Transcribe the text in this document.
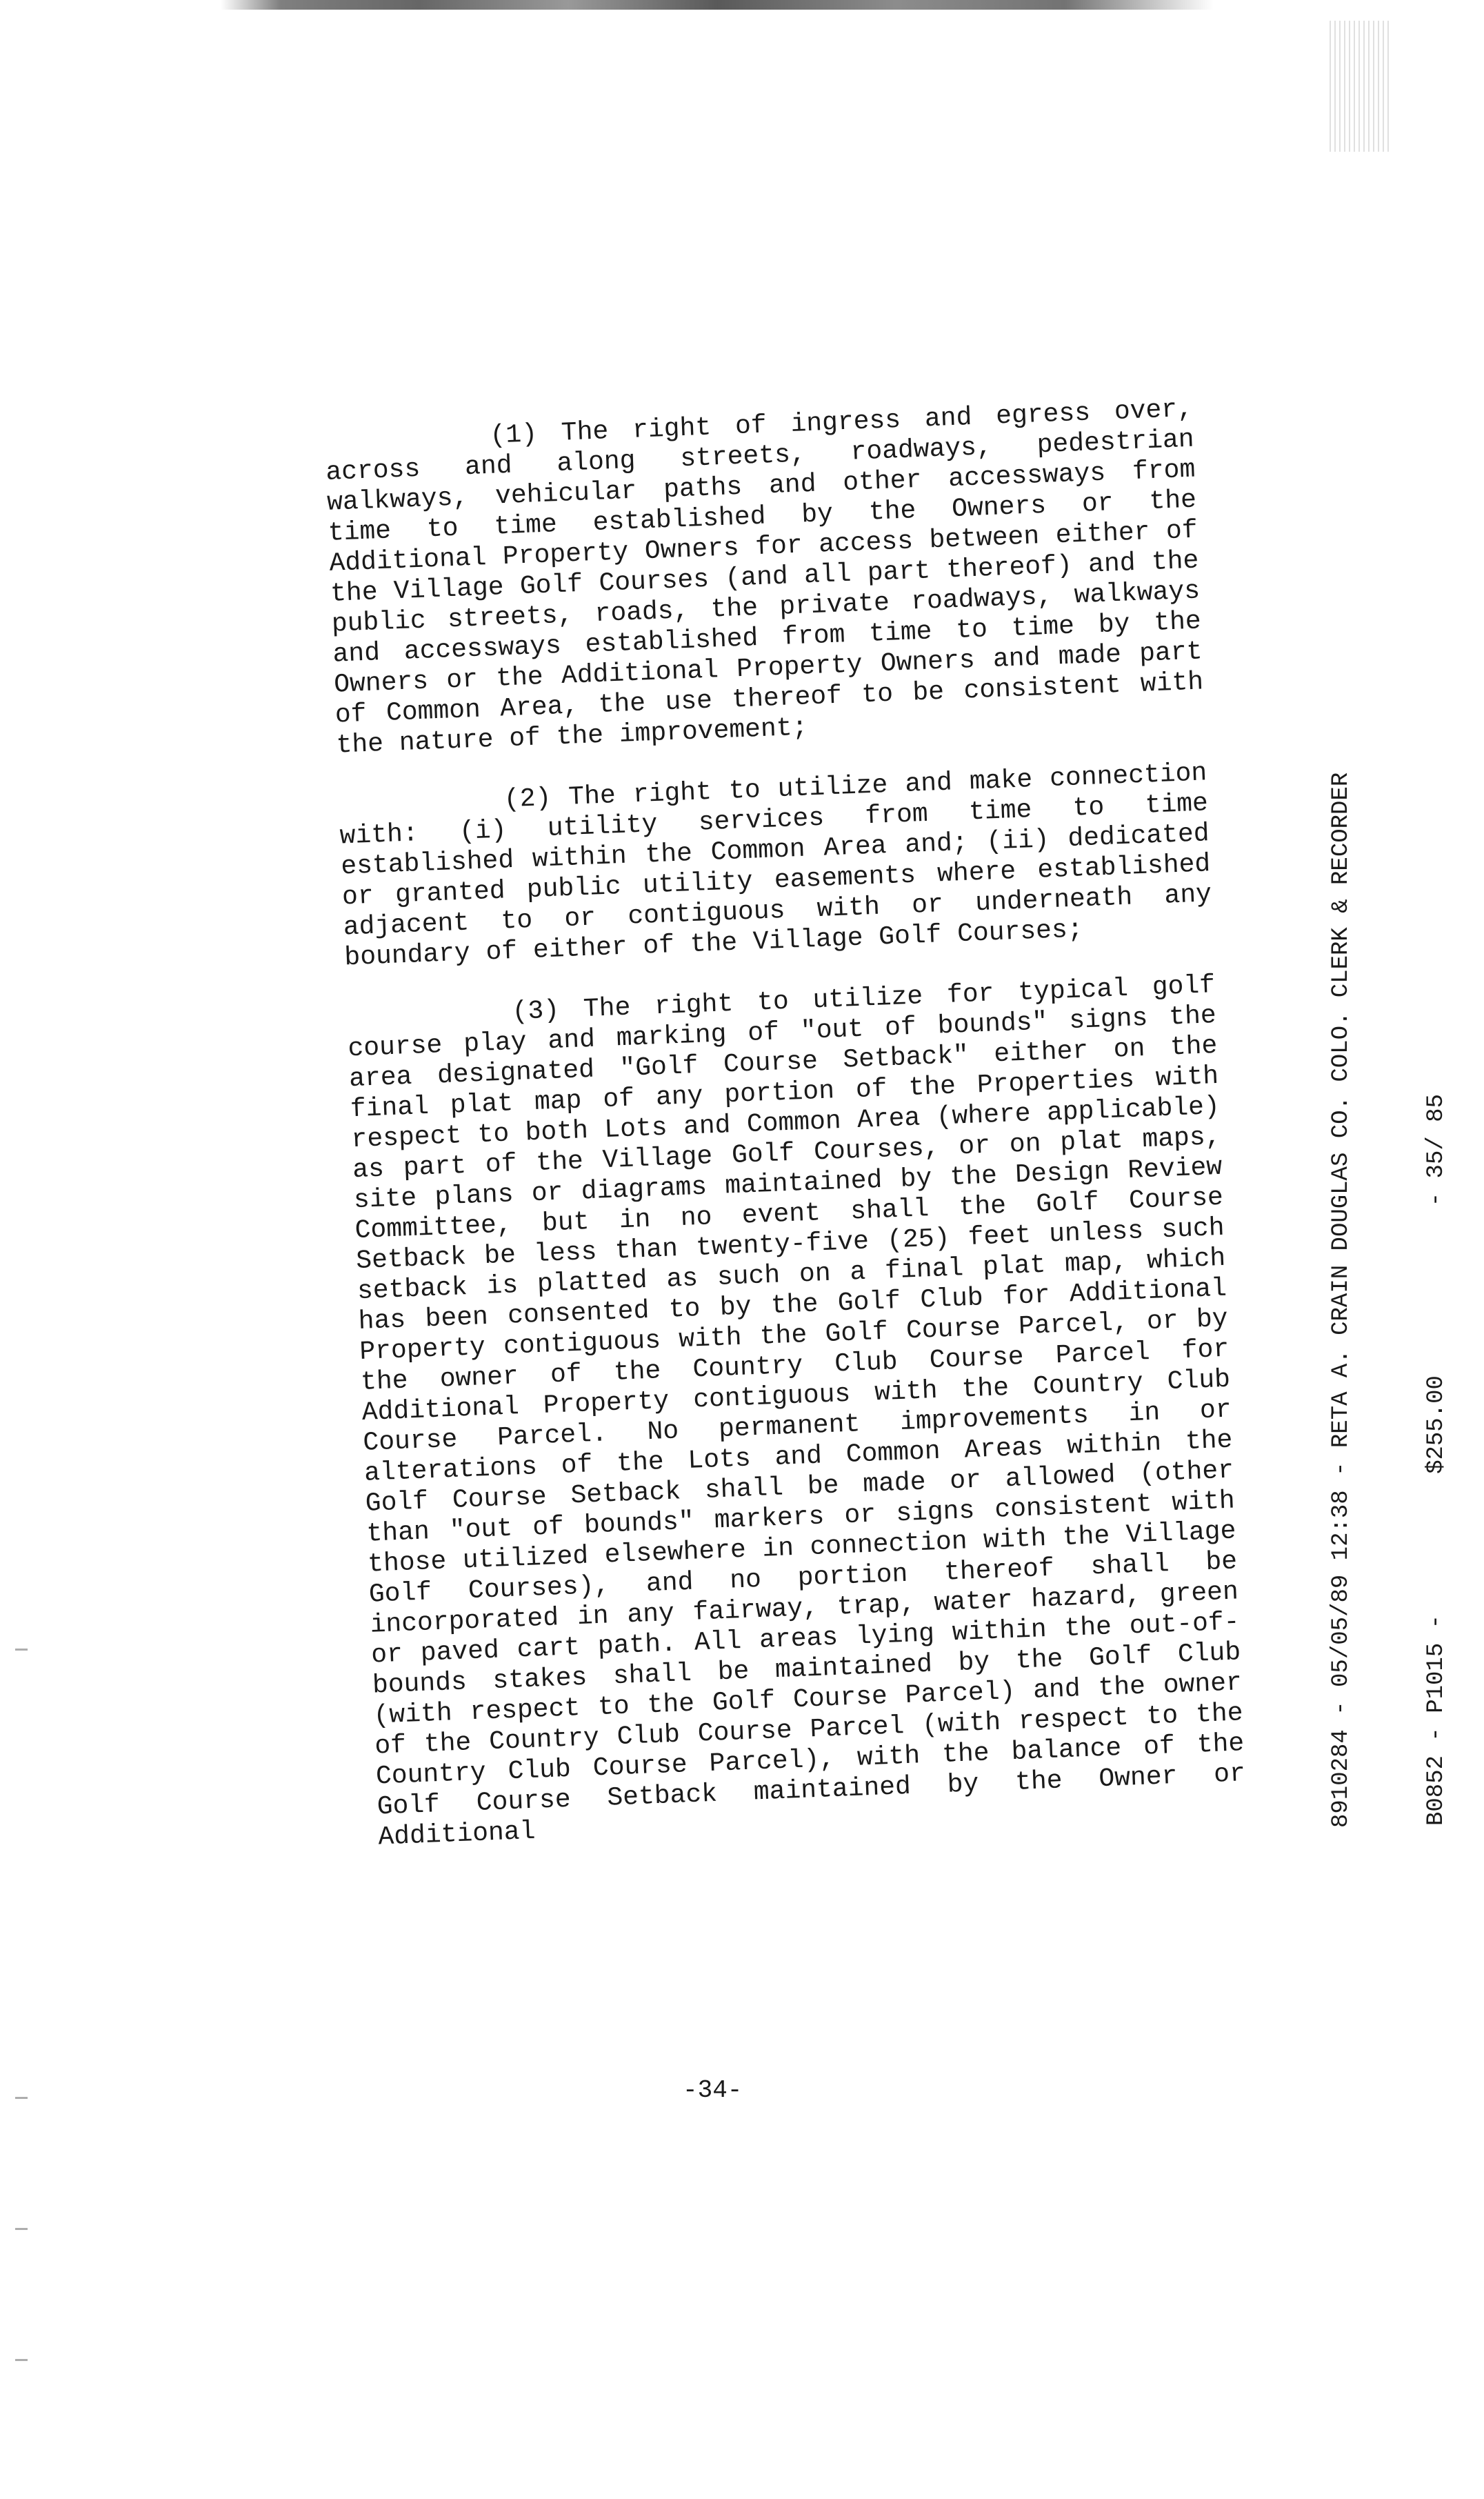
(1) The right of ingress and egress over, across and along streets, roadways, pedestrian walkways, vehicular paths and other accessways from time to time established by the Owners or the Additional Property Owners for access between either of the Village Golf Courses (and all part thereof) and the public streets, roads, the private roadways, walkways and accessways established from time to time by the Owners or the Additional Property Owners and made part of Common Area, the use thereof to be consistent with the nature of the improvement;

(2) The right to utilize and make connection with: (i) utility services from time to time established within the Common Area and; (ii) dedicated or granted public utility easements where established adjacent to or contiguous with or underneath any boundary of either of the Village Golf Courses;

(3) The right to utilize for typical golf course play and marking of "out of bounds" signs the area designated "Golf Course Setback" either on the final plat map of any portion of the Properties with respect to both Lots and Common Area (where applicable) as part of the Village Golf Courses, or on plat maps, site plans or diagrams maintained by the Design Review Committee, but in no event shall the Golf Course Setback be less than twenty-five (25) feet unless such setback is platted as such on a final plat map, which has been consented to by the Golf Club for Additional Property contiguous with the Golf Course Parcel, or by the owner of the Country Club Course Parcel for Additional Property contiguous with the Country Club Course Parcel. No permanent improvements in or alterations of the Lots and Common Areas within the Golf Course Setback shall be made or allowed (other than "out of bounds" markers or signs consistent with those utilized elsewhere in connection with the Village Golf Courses), and no portion thereof shall be incorporated in any fairway, trap, water hazard, green or paved cart path. All areas lying within the out-of-bounds stakes shall be maintained by the Golf Club (with respect to the Golf Course Parcel) and the owner of the Country Club Course Parcel (with respect to the Country Club Course Parcel), with the balance of the Golf Course Setback maintained by the Owner or Additional

8910284 - 05/05/89 12:38 - RETA A. CRAIN DOUGLAS CO. COLO. CLERK & RECORDER

	B0852 - P1015 -          $255.00            - 35/ 85

-34-
